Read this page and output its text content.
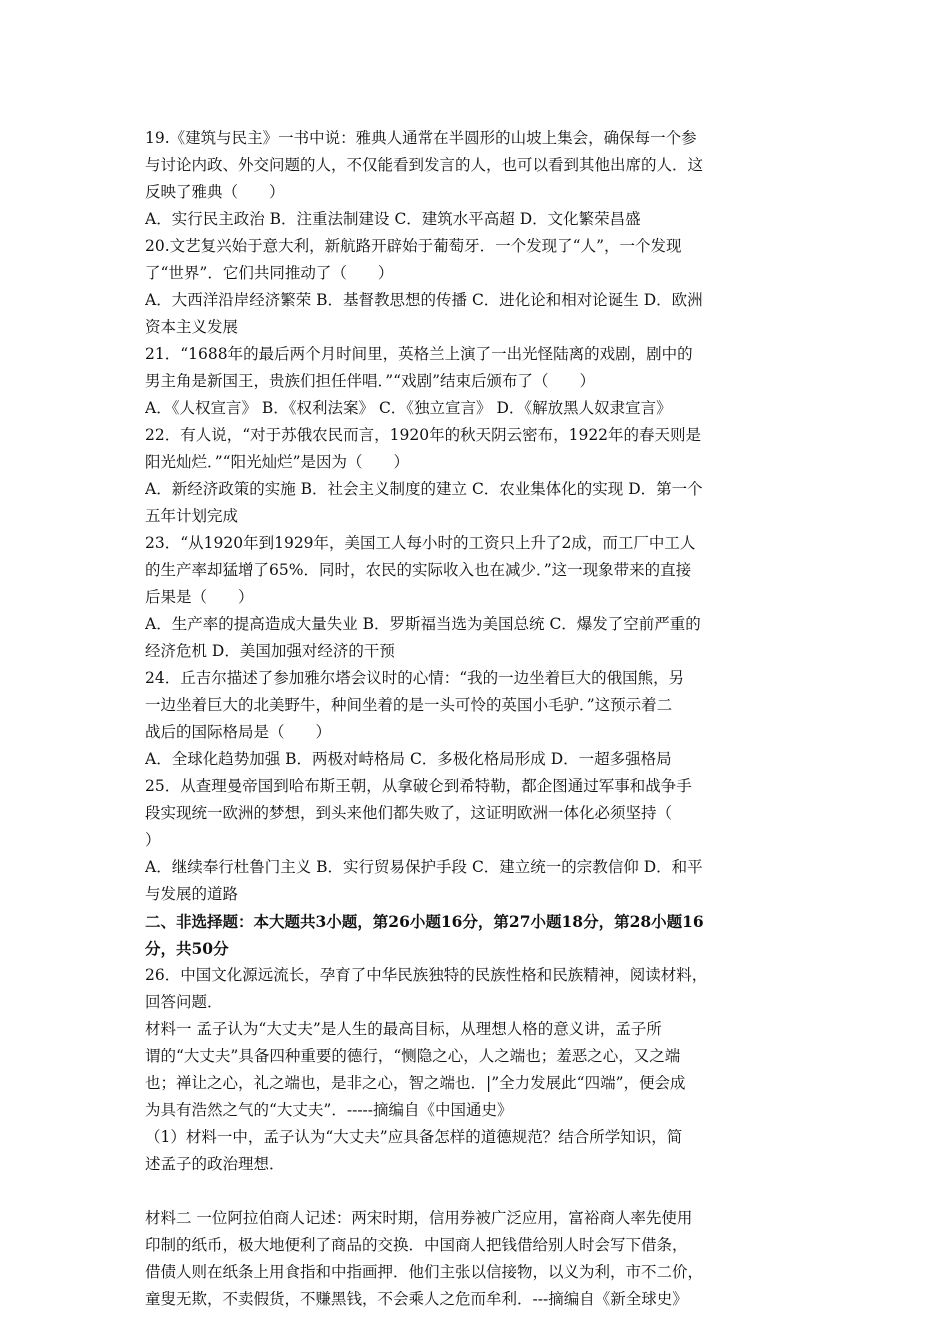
19.《建筑与民主》一书中说：雅典人通常在半圆形的山坡上集会，确保每一个参
与讨论内政、外交问题的人，不仅能看到发言的人，也可以看到其他出席的人．这
反映了雅典（　　）
A．实行民主政治 B．注重法制建设 C．建筑水平高超 D．文化繁荣昌盛
20.文艺复兴始于意大利，新航路开辟始于葡萄牙．一个发现了“人”，一个发现
了“世界”．它们共同推动了（　　）
A．大西洋沿岸经济繁荣 B．基督教思想的传播 C．进化论和相对论诞生 D．欧洲
资本主义发展
21．“1688年的最后两个月时间里，英格兰上演了一出光怪陆离的戏剧，剧中的
男主角是新国王，贵族们担任伴唱．”“戏剧”结束后颁布了（　　）
A．《人权宣言》 B．《权利法案》 C．《独立宣言》 D．《解放黑人奴隶宣言》
22．有人说，“对于苏俄农民而言，1920年的秋天阴云密布，1922年的春天则是
阳光灿烂．”“阳光灿烂”是因为（　　）
A．新经济政策的实施 B．社会主义制度的建立 C．农业集体化的实现 D．第一个
五年计划完成
23．“从1920年到1929年，美国工人每小时的工资只上升了2成，而工厂中工人
的生产率却猛增了65%．同时，农民的实际收入也在减少．”这一现象带来的直接
后果是（　　）
A．生产率的提高造成大量失业 B．罗斯福当选为美国总统 C．爆发了空前严重的
经济危机 D．美国加强对经济的干预
24．丘吉尔描述了参加雅尔塔会议时的心情：“我的一边坐着巨大的俄国熊，另
一边坐着巨大的北美野牛，种间坐着的是一头可怜的英国小毛驴．”这预示着二
战后的国际格局是（　　）
A．全球化趋势加强 B．两极对峙格局 C．多极化格局形成 D．一超多强格局
25．从查理曼帝国到哈布斯王朝，从拿破仑到希特勒，都企图通过军事和战争手
段实现统一欧洲的梦想，到头来他们都失败了，这证明欧洲一体化必须坚持（
）
A．继续奉行杜鲁门主义 B．实行贸易保护手段 C．建立统一的宗教信仰 D．和平
与发展的道路
二、非选择题：本大题共3小题，第26小题16分，第27小题18分，第28小题16
分，共50分
26．中国文化源远流长，孕育了中华民族独特的民族性格和民族精神，阅读材料，
回答问题．
材料一 孟子认为“大丈夫”是人生的最高目标，从理想人格的意义讲，孟子所
谓的“大丈夫”具备四种重要的德行，“恻隐之心，人之端也；羞恶之心，又之端
也；禅让之心，礼之端也，是非之心，智之端也．|”全力发展此“四端”，便会成
为具有浩然之气的“大丈夫”．-----摘编自《中国通史》
（1）材料一中，孟子认为“大丈夫”应具备怎样的道德规范？结合所学知识，简
述孟子的政治理想．
材料二 一位阿拉伯商人记述：两宋时期，信用券被广泛应用，富裕商人率先使用
印制的纸币，极大地便利了商品的交换．中国商人把钱借给别人时会写下借条，
借债人则在纸条上用食指和中指画押．他们主张以信接物，以义为利，市不二价，
童叟无欺，不卖假货，不赚黑钱，不会乘人之危而牟利．---摘编自《新全球史》
